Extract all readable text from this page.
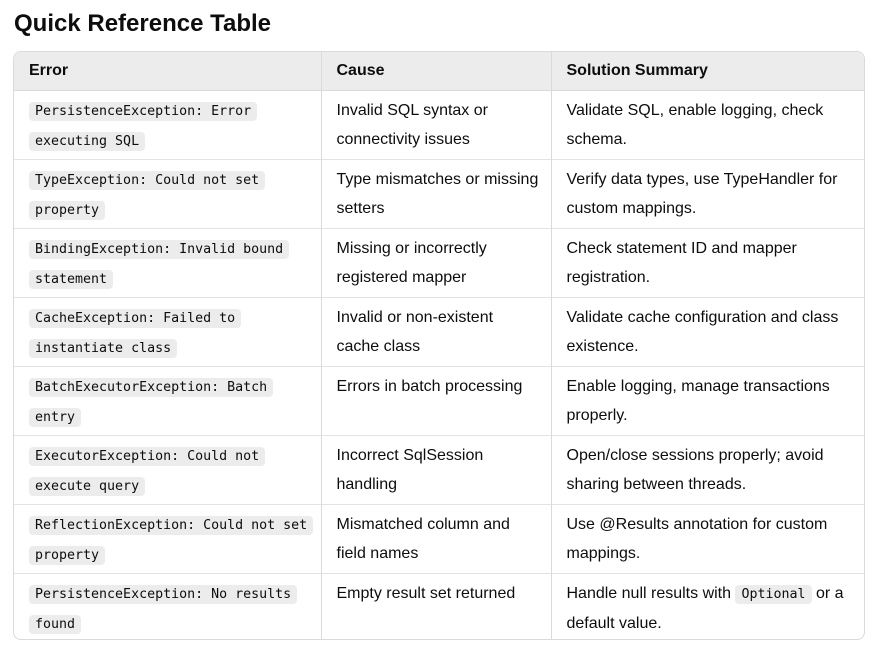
Quick Reference Table
Error	Cause	Solution Summary
PersistenceException: Error executing SQL	Invalid SQL syntax or connectivity issues	Validate SQL, enable logging, check schema.
TypeException: Could not set property	Type mismatches or missing setters	Verify data types, use TypeHandler for custom mappings.
BindingException: Invalid bound statement	Missing or incorrectly registered mapper	Check statement ID and mapper registration.
CacheException: Failed to instantiate class	Invalid or non-existent cache class	Validate cache configuration and class existence.
BatchExecutorException: Batch entry	Errors in batch processing	Enable logging, manage transactions properly.
ExecutorException: Could not execute query	Incorrect SqlSession handling	Open/close sessions properly; avoid sharing between threads.
ReflectionException: Could not set property	Mismatched column and field names	Use @Results annotation for custom mappings.
PersistenceException: No results found	Empty result set returned	Handle null results with Optional or a default value.
